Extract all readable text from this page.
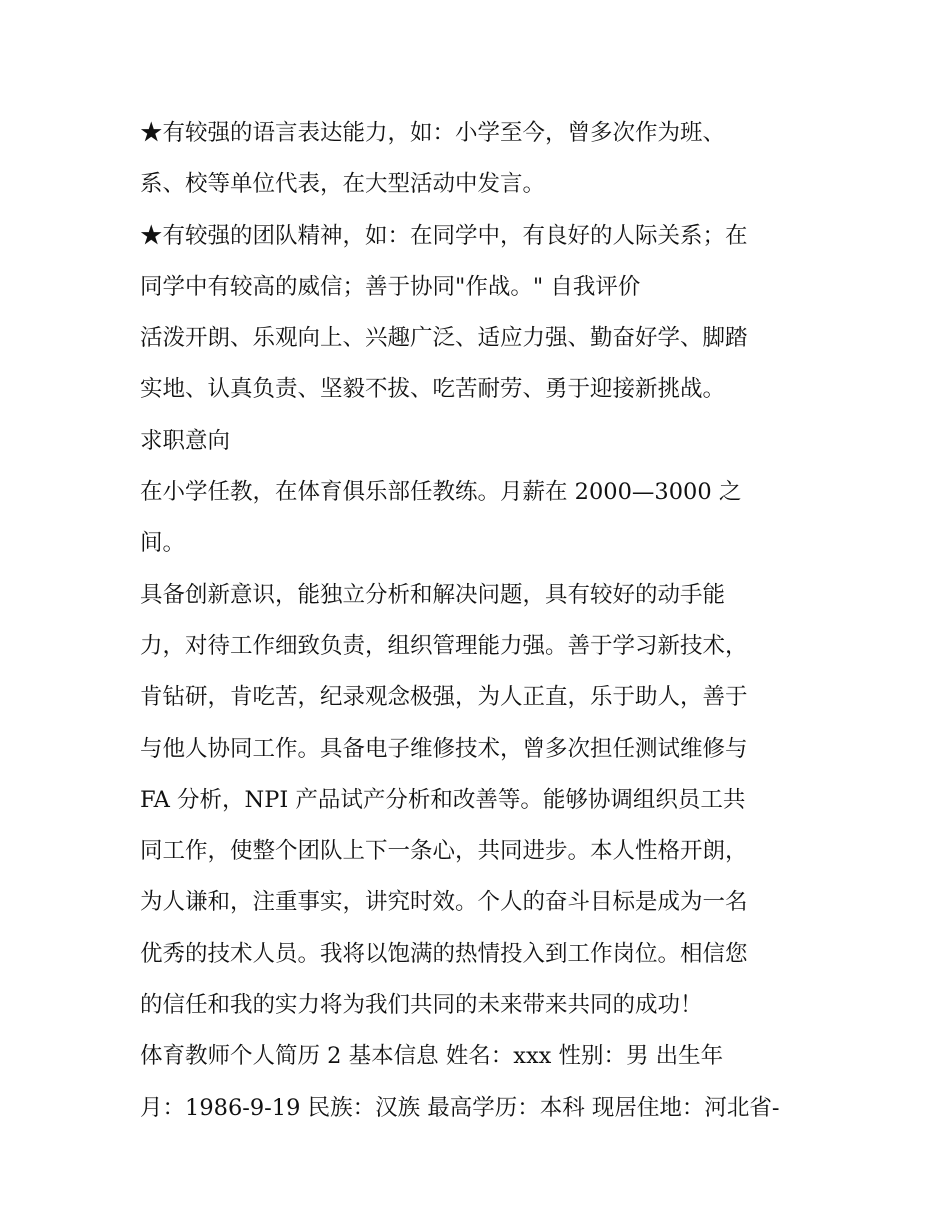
★有较强的语言表达能力，如：小学至今，曾多次作为班、
系、校等单位代表，在大型活动中发言。
★有较强的团队精神，如：在同学中，有良好的人际关系；在
同学中有较高的威信；善于协同"作战。" 自我评价
活泼开朗、乐观向上、兴趣广泛、适应力强、勤奋好学、脚踏
实地、认真负责、坚毅不拔、吃苦耐劳、勇于迎接新挑战。
求职意向
在小学任教，在体育俱乐部任教练。月薪在 2000—3000 之
间。
具备创新意识，能独立分析和解决问题，具有较好的动手能
力，对待工作细致负责，组织管理能力强。善于学习新技术，
肯钻研，肯吃苦，纪录观念极强，为人正直，乐于助人，善于
与他人协同工作。具备电子维修技术，曾多次担任测试维修与
FA 分析，NPI 产品试产分析和改善等。能够协调组织员工共
同工作，使整个团队上下一条心，共同进步。本人性格开朗，
为人谦和，注重事实，讲究时效。个人的奋斗目标是成为一名
优秀的技术人员。我将以饱满的热情投入到工作岗位。相信您
的信任和我的实力将为我们共同的未来带来共同的成功！
体育教师个人简历 2 基本信息 姓名：xxx 性别：男 出生年
月：1986-9-19 民族：汉族 最高学历：本科 现居住地：河北省-
